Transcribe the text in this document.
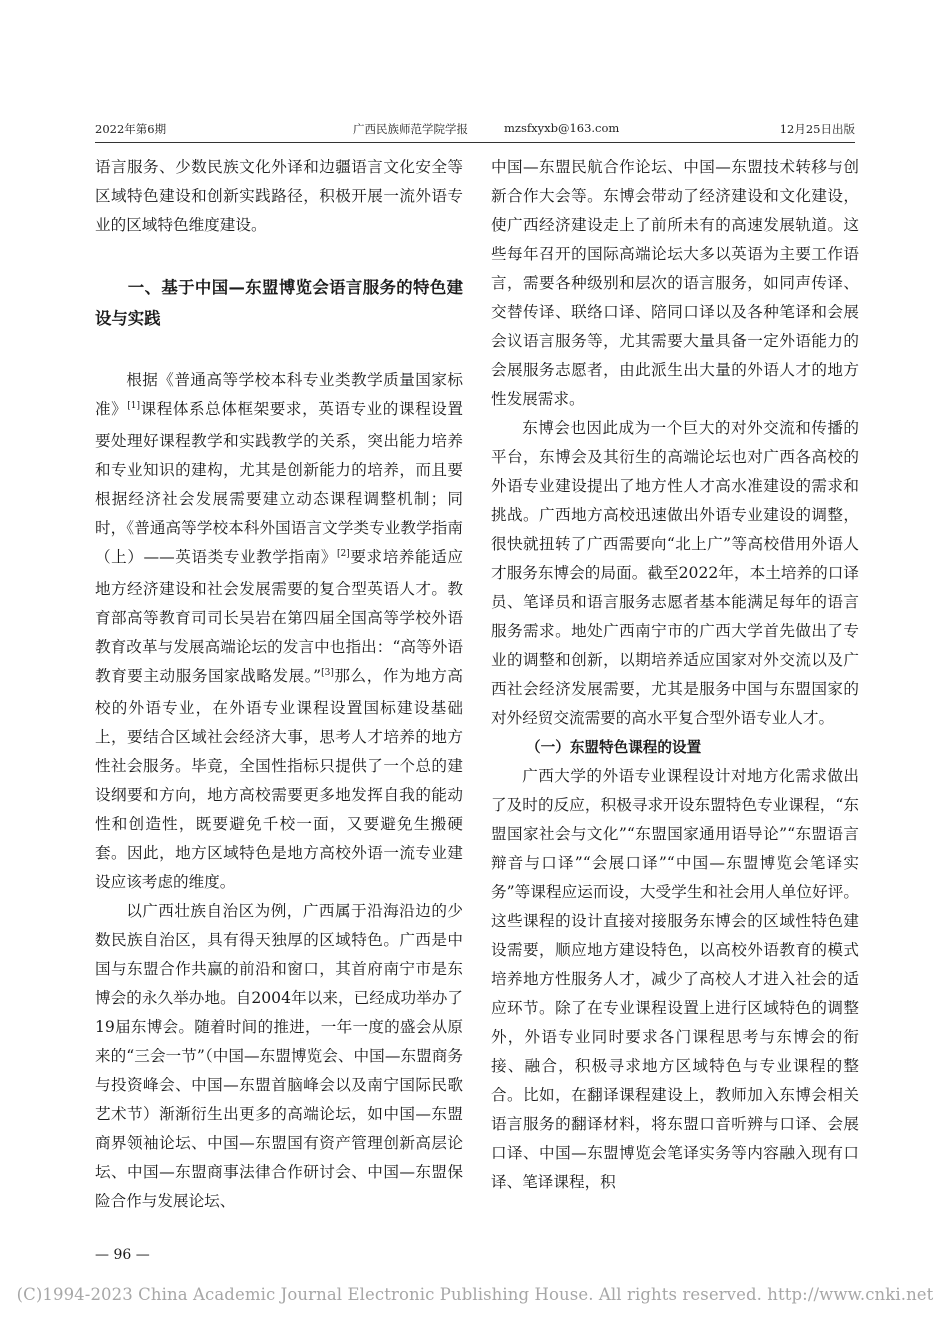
2022年第6期	广西民族师范学院学报	mzsfxyxb@163.com	12月25日出版

语言服务、少数民族文化外译和边疆语言文化安全等区域特色建设和创新实践路径，积极开展一流外语专业的区域特色维度建设。

一、基于中国—东盟博览会语言服务的特色建设与实践

根据《普通高等学校本科专业类教学质量国家标准》[1]课程体系总体框架要求，英语专业的课程设置要处理好课程教学和实践教学的关系，突出能力培养和专业知识的建构，尤其是创新能力的培养，而且要根据经济社会发展需要建立动态课程调整机制；同时，《普通高等学校本科外国语言文学类专业教学指南（上）——英语类专业教学指南》[2]要求培养能适应地方经济建设和社会发展需要的复合型英语人才。教育部高等教育司司长吴岩在第四届全国高等学校外语教育改革与发展高端论坛的发言中也指出：“高等外语教育要主动服务国家战略发展。”[3]那么，作为地方高校的外语专业，在外语专业课程设置国标建设基础上，要结合区域社会经济大事，思考人才培养的地方性社会服务。毕竟，全国性指标只提供了一个总的建设纲要和方向，地方高校需要更多地发挥自我的能动性和创造性，既要避免千校一面，又要避免生搬硬套。因此，地方区域特色是地方高校外语一流专业建设应该考虑的维度。

以广西壮族自治区为例，广西属于沿海沿边的少数民族自治区，具有得天独厚的区域特色。广西是中国与东盟合作共赢的前沿和窗口，其首府南宁市是东博会的永久举办地。自2004年以来，已经成功举办了19届东博会。随着时间的推进，一年一度的盛会从原来的“三会一节”（中国—东盟博览会、中国—东盟商务与投资峰会、中国—东盟首脑峰会以及南宁国际民歌艺术节）渐渐衍生出更多的高端论坛，如中国—东盟商界领袖论坛、中国—东盟国有资产管理创新高层论坛、中国—东盟商事法律合作研讨会、中国—东盟保险合作与发展论坛、

中国—东盟民航合作论坛、中国—东盟技术转移与创新合作大会等。东博会带动了经济建设和文化建设，使广西经济建设走上了前所未有的高速发展轨道。这些每年召开的国际高端论坛大多以英语为主要工作语言，需要各种级别和层次的语言服务，如同声传译、交替传译、联络口译、陪同口译以及各种笔译和会展会议语言服务等，尤其需要大量具备一定外语能力的会展服务志愿者，由此派生出大量的外语人才的地方性发展需求。

东博会也因此成为一个巨大的对外交流和传播的平台，东博会及其衍生的高端论坛也对广西各高校的外语专业建设提出了地方性人才高水准建设的需求和挑战。广西地方高校迅速做出外语专业建设的调整，很快就扭转了广西需要向“北上广”等高校借用外语人才服务东博会的局面。截至2022年，本土培养的口译员、笔译员和语言服务志愿者基本能满足每年的语言服务需求。地处广西南宁市的广西大学首先做出了专业的调整和创新，以期培养适应国家对外交流以及广西社会经济发展需要，尤其是服务中国与东盟国家的对外经贸交流需要的高水平复合型外语专业人才。

（一）东盟特色课程的设置

广西大学的外语专业课程设计对地方化需求做出了及时的反应，积极寻求开设东盟特色专业课程，“东盟国家社会与文化”“东盟国家通用语导论”“东盟语言辩音与口译”“会展口译”“中国—东盟博览会笔译实务”等课程应运而设，大受学生和社会用人单位好评。这些课程的设计直接对接服务东博会的区域性特色建设需要，顺应地方建设特色，以高校外语教育的模式培养地方性服务人才，减少了高校人才进入社会的适应环节。除了在专业课程设置上进行区域特色的调整外，外语专业同时要求各门课程思考与东博会的衔接、融合，积极寻求地方区域特色与专业课程的整合。比如，在翻译课程建设上，教师加入东博会相关语言服务的翻译材料，将东盟口音听辨与口译、会展口译、中国—东盟博览会笔译实务等内容融入现有口译、笔译课程，积

— 96 —
(C)1994-2023 China Academic Journal Electronic Publishing House. All rights reserved. http://www.cnki.net
